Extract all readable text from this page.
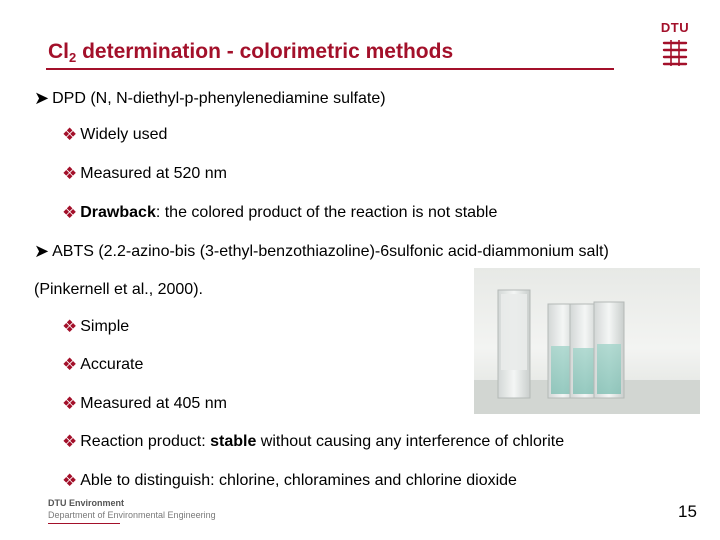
$Cl_2$ determination - colorimetric methods
DTU
➤ DPD (N, N-diethyl-p-phenylenediamine sulfate)
❖ Widely used
❖ Measured at 520 nm
❖ Drawback: the colored product of the reaction is not stable
➤ ABTS (2.2-azino-bis (3-ethyl-benzothiazoline)-6sulfonic acid-diammonium salt)
(Pinkernell et al., 2000).
❖ Simple
❖ Accurate
❖ Measured at 405 nm
❖ Reaction product: stable without causing any interference of chlorite
❖ Able to distinguish: chlorine, chloramines and chlorine dioxide
DTU Environment
Department of Environmental Engineering	15
